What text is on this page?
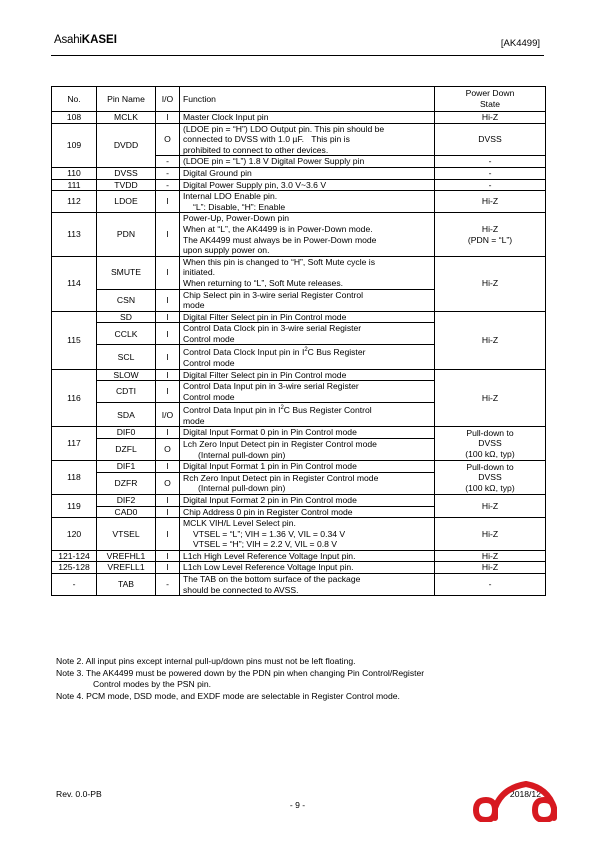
AsahiKASEI	[AK4499]
No.	Pin Name	I/O	Function	Power Down
State

108	MCLK	I	Master Clock Input pin	Hi-Z
109	DVDD	O	(LDOE pin = “H”) LDO Output pin. This pin should be
connected to DVSS with 1.0 µF.   This pin is
prohibited to connect to other devices.	DVSS
		-	(LDOE pin = “L”) 1.8 V Digital Power Supply pin	-
110	DVSS	-	Digital Ground pin	-
111	TVDD	-	Digital Power Supply pin, 3.0 V~3.6 V	-
112	LDOE	I	Internal LDO Enable pin.
“L”: Disable, “H”: Enable	Hi-Z
113	PDN	I	Power-Up, Power-Down pin
When at “L”, the AK4499 is in Power-Down mode.
The AK4499 must always be in Power-Down mode
upon supply power on.	Hi-Z
(PDN = “L”)

114	SMUTE	I	When this pin is changed to “H”, Soft Mute cycle is
initiated.
When returning to “L”, Soft Mute releases.	Hi-Z
	CSN	I	Chip Select pin in 3-wire serial Register Control
mode	

115	SD	I	Digital Filter Select pin in Pin Control mode	Hi-Z
	CCLK	I	Control Data Clock pin in 3-wire serial Register
Control mode	

	SCL	I	Control Data Clock Input pin in $I^2C$ Bus Register
Control mode	

116	SLOW	I	Digital Filter Select pin in Pin Control mode	Hi-Z
	CDTI	I	Control Data Input pin in 3-wire serial Register
Control mode	

	SDA	I/O	Control Data Input pin in $I^2C$ Bus Register Control
mode	

117	DIF0	I	Digital Input Format 0 pin in Pin Control mode	Pull-down to
DVSS
(100 kΩ, typ)

	DZFL	O	Lch Zero Input Detect pin in Register Control mode
(Internal pull-down pin)	

118	DIF1	I	Digital Input Format 1 pin in Pin Control mode	Pull-down to
DVSS
(100 kΩ, typ)

	DZFR	O	Rch Zero Input Detect pin in Register Control mode
(Internal pull-down pin)	

119	DIF2	I	Digital Input Format 2 pin in Pin Control mode	Hi-Z
	CAD0	I	Chip Address 0 pin in Register Control mode	

120	VTSEL	I	MCLK VIH/L Level Select pin.
VTSEL = “L”; VIH = 1.36 V, VIL = 0.34 V
VTSEL = “H”; VIH = 2.2 V, VIL = 0.8 V	Hi-Z
121-124	VREFHL1	I	L1ch High Level Reference Voltage Input pin.	Hi-Z
125-128	VREFLL1	I	L1ch Low Level Reference Voltage Input pin.	Hi-Z
-	TAB	-	The TAB on the bottom surface of the package
should be connected to AVSS.	-
Note 2. All input pins except internal pull-up/down pins must not be left floating.
Note 3. The AK4499 must be powered down by the PDN pin when changing Pin Control/Register
Control modes by the PSN pin.
Note 4. PCM mode, DSD mode, and EXDF mode are selectable in Register Control mode.
Rev. 0.0-PB	2018/12
- 9 -
